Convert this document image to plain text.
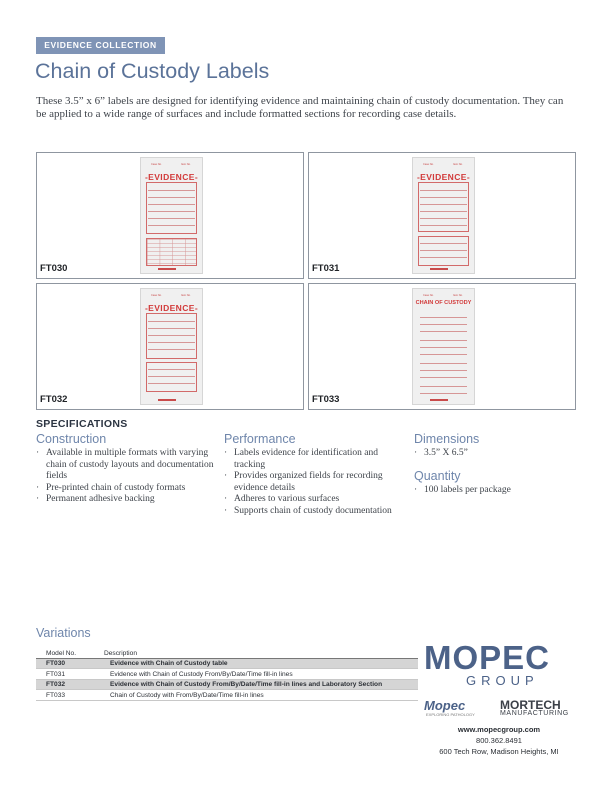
EVIDENCE COLLECTION
Chain of Custody Labels

These 3.5” x 6” labels are designed for identifying evidence and maintaining chain of custody documentation. They can be applied to a wide range of surfaces and include formatted sections for recording case details.

Case No.	Item No.
-EVIDENCE-
FT030
Case No.	Item No.
-EVIDENCE-
FT031
Case No.	Item No.
-EVIDENCE-
FT032
Case No.	Item No.
CHAIN OF CUSTODY
FT033
SPECIFICATIONS
Construction
· Available in multiple formats with varying chain of custody layouts and documentation fields
· Pre-printed chain of custody formats
· Permanent adhesive backing
Performance
· Labels evidence for identification and tracking
· Provides organized fields for recording evidence details
· Adheres to various surfaces
· Supports chain of custody documentation
Dimensions
· 3.5” X 6.5”
Quantity
· 100 labels per package
Variations
Model No.	Description
FT030	Evidence with Chain of Custody table
FT031	Evidence with Chain of Custody From/By/Date/Time fill-in lines
FT032	Evidence with Chain of Custody From/By/Date/Time fill-in lines and Laboratory Section
FT033	Chain of Custody with From/By/Date/Time fill-in lines
MOPEC
GROUP
Mopec
EXPLORING PATHOLOGY
MORTECH
MANUFACTURING
www.mopecgroup.com
800.362.8491
600 Tech Row, Madison Heights, MI
